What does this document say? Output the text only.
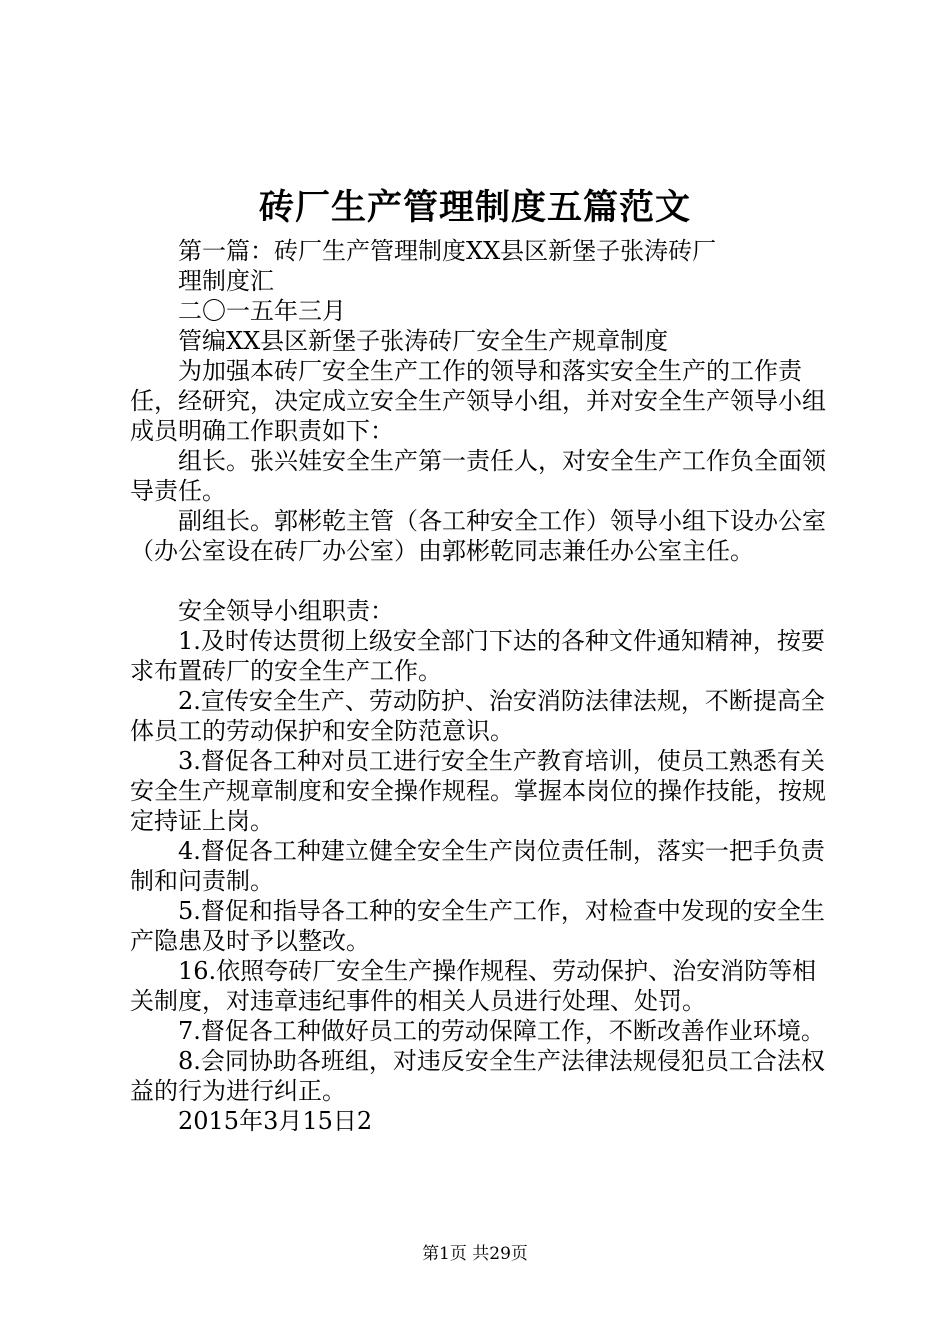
砖厂生产管理制度五篇范文

第一篇：砖厂生产管理制度XX县区新堡子张涛砖厂

理制度汇

二〇一五年三月

管编XX县区新堡子张涛砖厂安全生产规章制度

为加强本砖厂安全生产工作的领导和落实安全生产的工作责任，经研究，决定成立安全生产领导小组，并对安全生产领导小组成员明确工作职责如下：

组长。张兴娃安全生产第一责任人，对安全生产工作负全面领导责任。

副组长。郭彬乾主管（各工种安全工作）领导小组下设办公室（办公室设在砖厂办公室）由郭彬乾同志兼任办公室主任。

安全领导小组职责：

1.及时传达贯彻上级安全部门下达的各种文件通知精神，按要求布置砖厂的安全生产工作。

2.宣传安全生产、劳动防护、治安消防法律法规，不断提高全体员工的劳动保护和安全防范意识。

3.督促各工种对员工进行安全生产教育培训，使员工熟悉有关安全生产规章制度和安全操作规程。掌握本岗位的操作技能，按规定持证上岗。

4.督促各工种建立健全安全生产岗位责任制，落实一把手负责制和问责制。

5.督促和指导各工种的安全生产工作，对检查中发现的安全生产隐患及时予以整改。

16.依照夸砖厂安全生产操作规程、劳动保护、治安消防等相关制度，对违章违纪事件的相关人员进行处理、处罚。

7.督促各工种做好员工的劳动保障工作，不断改善作业环境。

8.会同协助各班组，对违反安全生产法律法规侵犯员工合法权益的行为进行纠正。

2015年3月15日2

第1页 共29页
